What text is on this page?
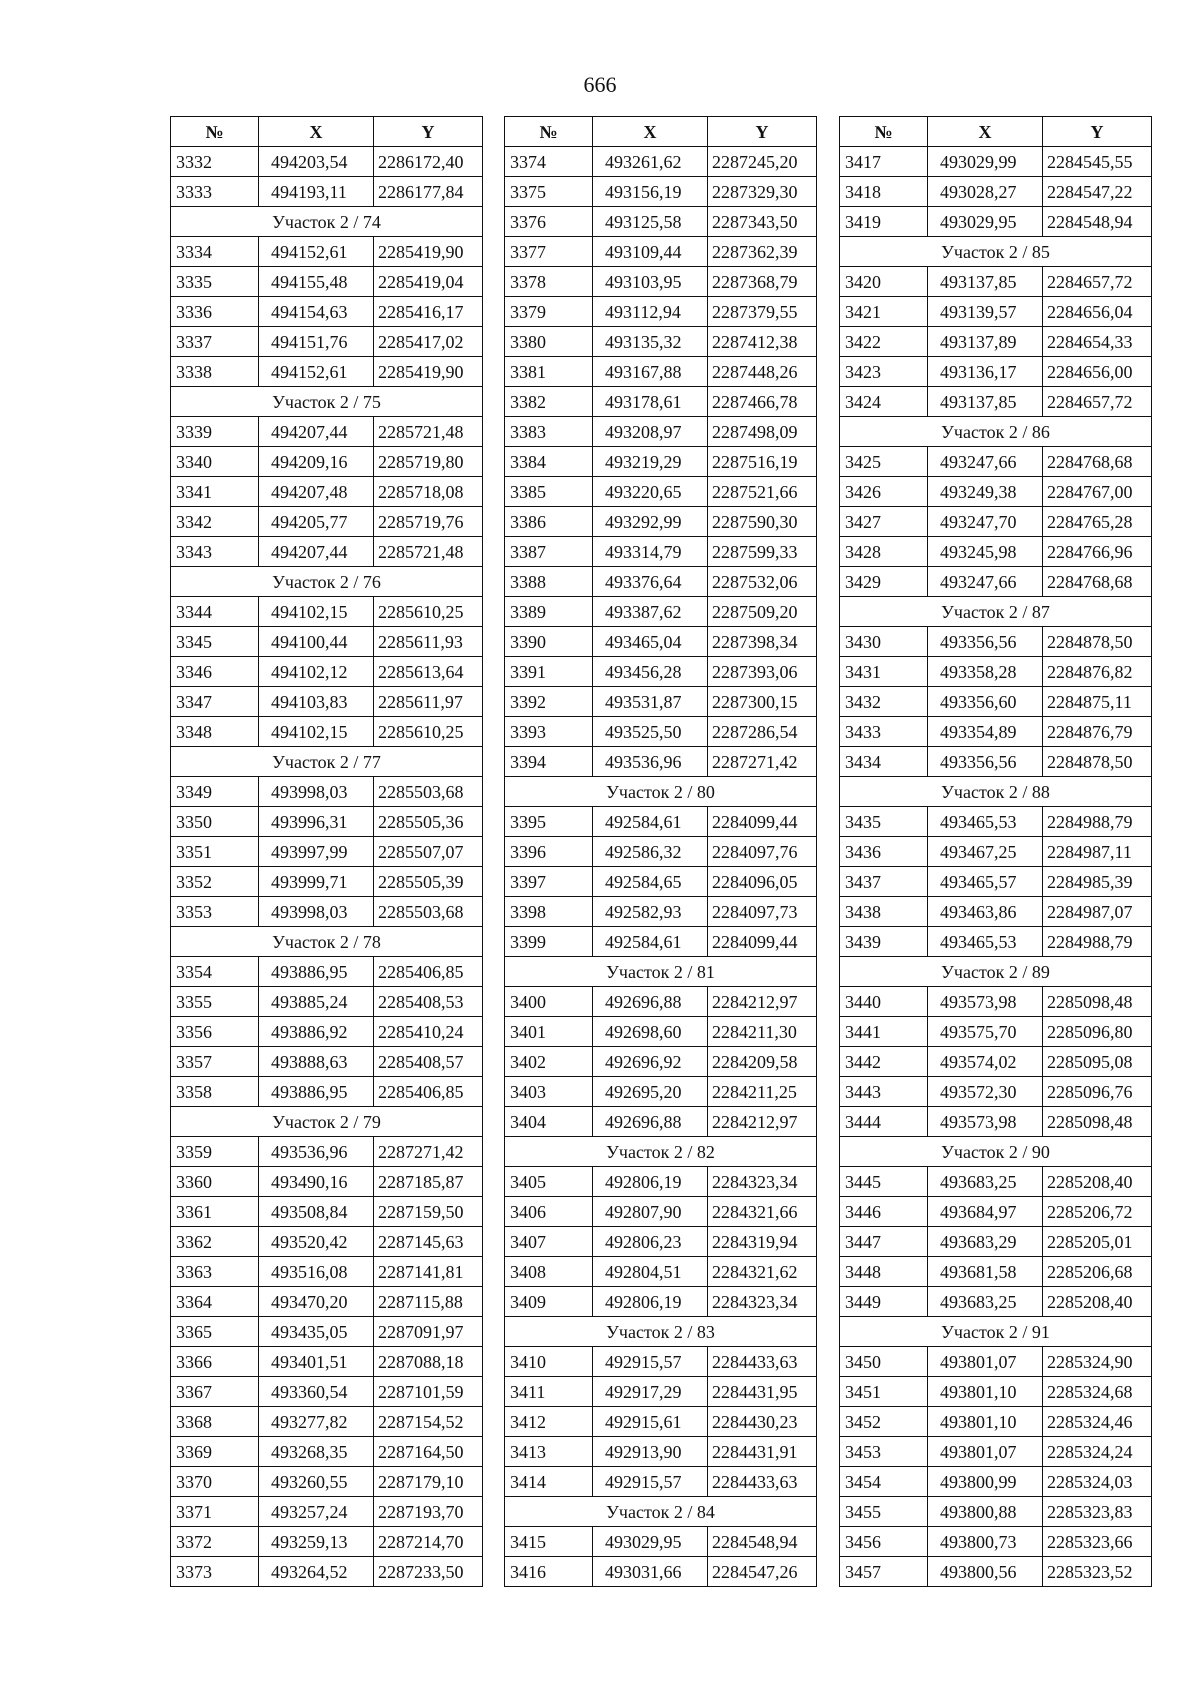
666
№	X	Y
3332	494203,54	2286172,40
3333	494193,11	2286177,84
Участок 2 / 74		
3334	494152,61	2285419,90
3335	494155,48	2285419,04
3336	494154,63	2285416,17
3337	494151,76	2285417,02
3338	494152,61	2285419,90
Участок 2 / 75		
3339	494207,44	2285721,48
3340	494209,16	2285719,80
3341	494207,48	2285718,08
3342	494205,77	2285719,76
3343	494207,44	2285721,48
Участок 2 / 76		
3344	494102,15	2285610,25
3345	494100,44	2285611,93
3346	494102,12	2285613,64
3347	494103,83	2285611,97
3348	494102,15	2285610,25
Участок 2 / 77		
3349	493998,03	2285503,68
3350	493996,31	2285505,36
3351	493997,99	2285507,07
3352	493999,71	2285505,39
3353	493998,03	2285503,68
Участок 2 / 78		
3354	493886,95	2285406,85
3355	493885,24	2285408,53
3356	493886,92	2285410,24
3357	493888,63	2285408,57
3358	493886,95	2285406,85
Участок 2 / 79		
3359	493536,96	2287271,42
3360	493490,16	2287185,87
3361	493508,84	2287159,50
3362	493520,42	2287145,63
3363	493516,08	2287141,81
3364	493470,20	2287115,88
3365	493435,05	2287091,97
3366	493401,51	2287088,18
3367	493360,54	2287101,59
3368	493277,82	2287154,52
3369	493268,35	2287164,50
3370	493260,55	2287179,10
3371	493257,24	2287193,70
3372	493259,13	2287214,70
3373	493264,52	2287233,50
№	X	Y
3374	493261,62	2287245,20
3375	493156,19	2287329,30
3376	493125,58	2287343,50
3377	493109,44	2287362,39
3378	493103,95	2287368,79
3379	493112,94	2287379,55
3380	493135,32	2287412,38
3381	493167,88	2287448,26
3382	493178,61	2287466,78
3383	493208,97	2287498,09
3384	493219,29	2287516,19
3385	493220,65	2287521,66
3386	493292,99	2287590,30
3387	493314,79	2287599,33
3388	493376,64	2287532,06
3389	493387,62	2287509,20
3390	493465,04	2287398,34
3391	493456,28	2287393,06
3392	493531,87	2287300,15
3393	493525,50	2287286,54
3394	493536,96	2287271,42
Участок 2 / 80		
3395	492584,61	2284099,44
3396	492586,32	2284097,76
3397	492584,65	2284096,05
3398	492582,93	2284097,73
3399	492584,61	2284099,44
Участок 2 / 81		
3400	492696,88	2284212,97
3401	492698,60	2284211,30
3402	492696,92	2284209,58
3403	492695,20	2284211,25
3404	492696,88	2284212,97
Участок 2 / 82		
3405	492806,19	2284323,34
3406	492807,90	2284321,66
3407	492806,23	2284319,94
3408	492804,51	2284321,62
3409	492806,19	2284323,34
Участок 2 / 83		
3410	492915,57	2284433,63
3411	492917,29	2284431,95
3412	492915,61	2284430,23
3413	492913,90	2284431,91
3414	492915,57	2284433,63
Участок 2 / 84		
3415	493029,95	2284548,94
3416	493031,66	2284547,26
№	X	Y
3417	493029,99	2284545,55
3418	493028,27	2284547,22
3419	493029,95	2284548,94
Участок 2 / 85		
3420	493137,85	2284657,72
3421	493139,57	2284656,04
3422	493137,89	2284654,33
3423	493136,17	2284656,00
3424	493137,85	2284657,72
Участок 2 / 86		
3425	493247,66	2284768,68
3426	493249,38	2284767,00
3427	493247,70	2284765,28
3428	493245,98	2284766,96
3429	493247,66	2284768,68
Участок 2 / 87		
3430	493356,56	2284878,50
3431	493358,28	2284876,82
3432	493356,60	2284875,11
3433	493354,89	2284876,79
3434	493356,56	2284878,50
Участок 2 / 88		
3435	493465,53	2284988,79
3436	493467,25	2284987,11
3437	493465,57	2284985,39
3438	493463,86	2284987,07
3439	493465,53	2284988,79
Участок 2 / 89		
3440	493573,98	2285098,48
3441	493575,70	2285096,80
3442	493574,02	2285095,08
3443	493572,30	2285096,76
3444	493573,98	2285098,48
Участок 2 / 90		
3445	493683,25	2285208,40
3446	493684,97	2285206,72
3447	493683,29	2285205,01
3448	493681,58	2285206,68
3449	493683,25	2285208,40
Участок 2 / 91		
3450	493801,07	2285324,90
3451	493801,10	2285324,68
3452	493801,10	2285324,46
3453	493801,07	2285324,24
3454	493800,99	2285324,03
3455	493800,88	2285323,83
3456	493800,73	2285323,66
3457	493800,56	2285323,52
